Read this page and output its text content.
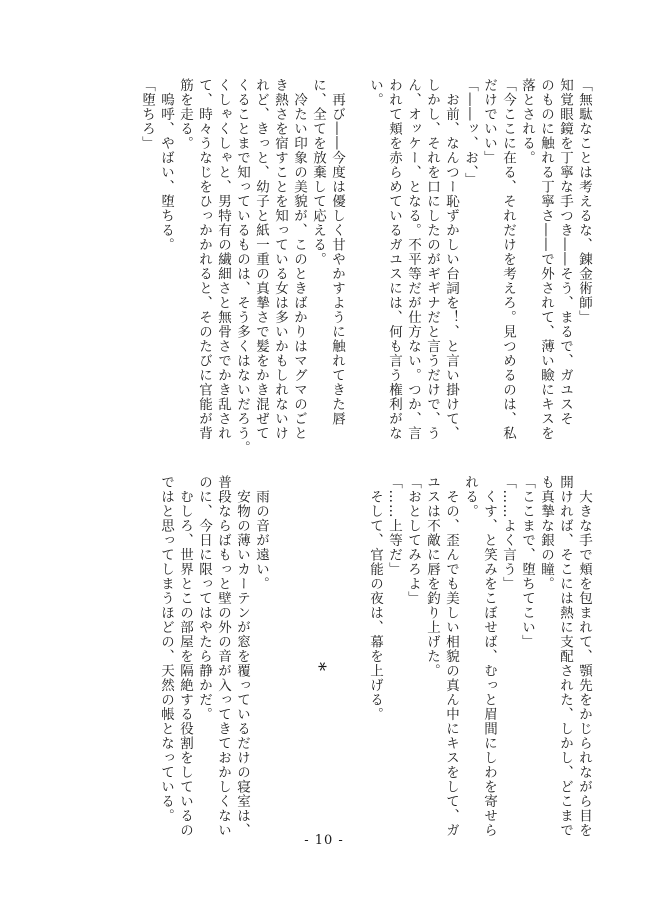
「無駄なことは考えるな、錬金術師」
知覚眼鏡を丁寧な手つき――そう、まるで、ガユスそ
のものに触れる丁寧さ――で外されて、薄い瞼にキスを
落とされる。
「今ここに在る、それだけを考えろ。見つめるのは、私
だけでいい」
「――ッ、お、」
　お前、なんつー恥ずかしい台詞を！、と言い掛けて、
しかし、それを口にしたのがギギナだと言うだけで、う
ん、オッケー、となる。不平等だが仕方ない。つか、言
われて頬を赤らめているガユスには、何も言う権利がな
い。
　再び――今度は優しく甘やかすように触れてきた唇
に、全てを放棄して応える。
　冷たい印象の美貌が、このときばかりはマグマのごと
き熱さを宿すことを知っている女は多いかもしれないけ
れど、きっと、幼子と紙一重の真摯さで髪をかき混ぜて
くることまで知っているものは、そう多くはないだろう。
くしゃくしゃと、男特有の繊細さと無骨さでかき乱され
て、時々うなじをひっかかれると、そのたびに官能が背
筋を走る。
　嗚呼、やばい、堕ちる。
「堕ちろ」
　大きな手で頬を包まれて、顎先をかじられながら目を
開ければ、そこには熱に支配された、しかし、どこまで
も真摯な銀の瞳。
「ここまで、堕ちてこい」
「……よく言う」
　くす、と笑みをこぼせば、むっと眉間にしわを寄せら
れる。
　その、歪んでも美しい相貌の真ん中にキスをして、ガ
ユスは不敵に唇を釣り上げた。
「おとしてみろよ」
「……上等だ」
　そして、官能の夜は、幕を上げる。
*
　雨の音が遠い。
　安物の薄いカーテンが窓を覆っているだけの寝室は、
普段ならばもっと壁の外の音が入ってきておかしくない
のに、今日に限ってはやたら静かだ。
　むしろ、世界とこの部屋を隔絶する役割をしているの
ではと思ってしまうほどの、天然の帳となっている。
- 10 -
